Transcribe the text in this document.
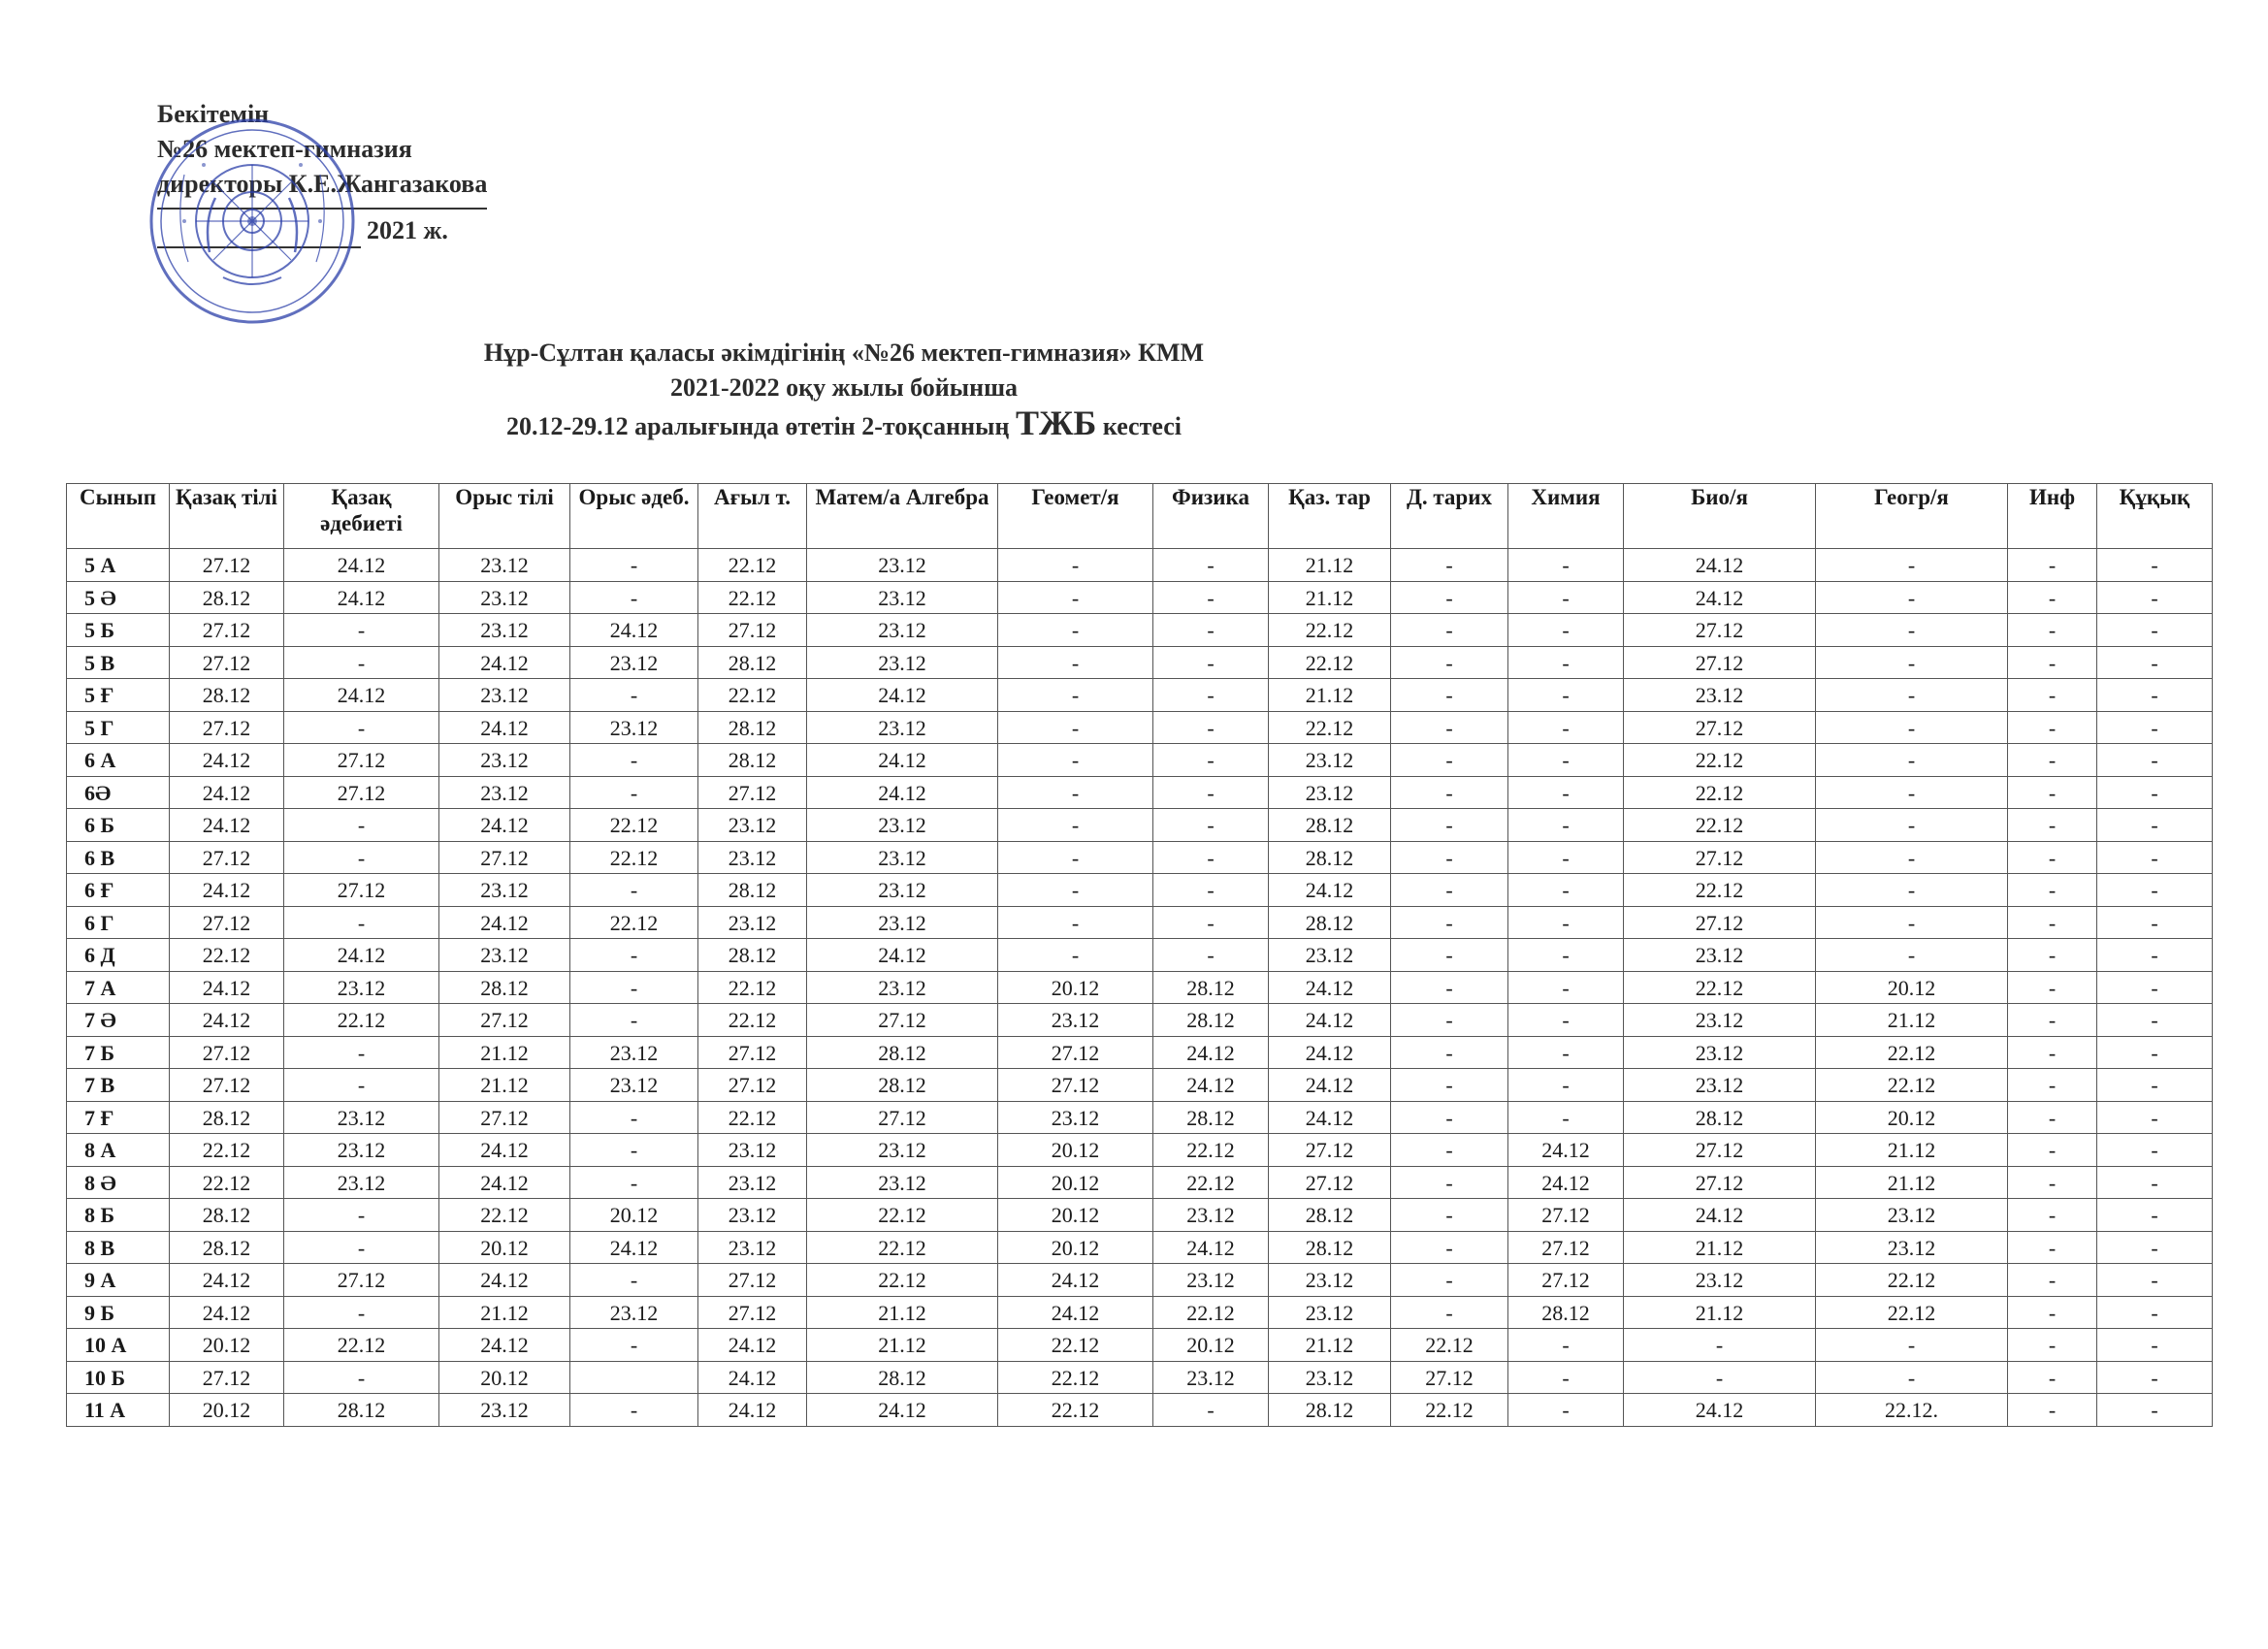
Бекітемін
№26 мектеп-гимназия
директоры К.Е.Жангазакова
2021 ж.
Нұр-Сұлтан қаласы әкімдігінің «№26 мектеп-гимназия» КММ
2021-2022 оқу жылы бойынша
20.12-29.12 аралығында өтетін 2-тоқсанның ТЖБ кестесі
Сынып	Қазақ тілі	Қазақ әдебиеті	Орыс тілі	Орыс әдеб.	Ағыл т.	Матем/а Алгебра	Геомет/я	Физика	Қаз. тар	Д. тарих	Химия	Био/я	Геогр/я	Инф	Құқық
5 А	27.12	24.12	23.12	-	22.12	23.12	-	-	21.12	-	-	24.12	-	-	-
5 Ә	28.12	24.12	23.12	-	22.12	23.12	-	-	21.12	-	-	24.12	-	-	-
5 Б	27.12	-	23.12	24.12	27.12	23.12	-	-	22.12	-	-	27.12	-	-	-
5 В	27.12	-	24.12	23.12	28.12	23.12	-	-	22.12	-	-	27.12	-	-	-
5 Ғ	28.12	24.12	23.12	-	22.12	24.12	-	-	21.12	-	-	23.12	-	-	-
5 Г	27.12	-	24.12	23.12	28.12	23.12	-	-	22.12	-	-	27.12	-	-	-
6 А	24.12	27.12	23.12	-	28.12	24.12	-	-	23.12	-	-	22.12	-	-	-
6Ә	24.12	27.12	23.12	-	27.12	24.12	-	-	23.12	-	-	22.12	-	-	-
6 Б	24.12	-	24.12	22.12	23.12	23.12	-	-	28.12	-	-	22.12	-	-	-
6 В	27.12	-	27.12	22.12	23.12	23.12	-	-	28.12	-	-	27.12	-	-	-
6 Ғ	24.12	27.12	23.12	-	28.12	23.12	-	-	24.12	-	-	22.12	-	-	-
6 Г	27.12	-	24.12	22.12	23.12	23.12	-	-	28.12	-	-	27.12	-	-	-
6 Д	22.12	24.12	23.12	-	28.12	24.12	-	-	23.12	-	-	23.12	-	-	-
7 А	24.12	23.12	28.12	-	22.12	23.12	20.12	28.12	24.12	-	-	22.12	20.12	-	-
7 Ә	24.12	22.12	27.12	-	22.12	27.12	23.12	28.12	24.12	-	-	23.12	21.12	-	-
7 Б	27.12	-	21.12	23.12	27.12	28.12	27.12	24.12	24.12	-	-	23.12	22.12	-	-
7 В	27.12	-	21.12	23.12	27.12	28.12	27.12	24.12	24.12	-	-	23.12	22.12	-	-
7 Ғ	28.12	23.12	27.12	-	22.12	27.12	23.12	28.12	24.12	-	-	28.12	20.12	-	-
8 А	22.12	23.12	24.12	-	23.12	23.12	20.12	22.12	27.12	-	24.12	27.12	21.12	-	-
8 Ә	22.12	23.12	24.12	-	23.12	23.12	20.12	22.12	27.12	-	24.12	27.12	21.12	-	-
8 Б	28.12	-	22.12	20.12	23.12	22.12	20.12	23.12	28.12	-	27.12	24.12	23.12	-	-
8 В	28.12	-	20.12	24.12	23.12	22.12	20.12	24.12	28.12	-	27.12	21.12	23.12	-	-
9 А	24.12	27.12	24.12	-	27.12	22.12	24.12	23.12	23.12	-	27.12	23.12	22.12	-	-
9 Б	24.12	-	21.12	23.12	27.12	21.12	24.12	22.12	23.12	-	28.12	21.12	22.12	-	-
10 А	20.12	22.12	24.12	-	24.12	21.12	22.12	20.12	21.12	22.12	-	-	-	-	-
10 Б	27.12	-	20.12		24.12	28.12	22.12	23.12	23.12	27.12	-	-	-	-	-
11 А	20.12	28.12	23.12	-	24.12	24.12	22.12	-	28.12	22.12	-	24.12	22.12.	-	-
